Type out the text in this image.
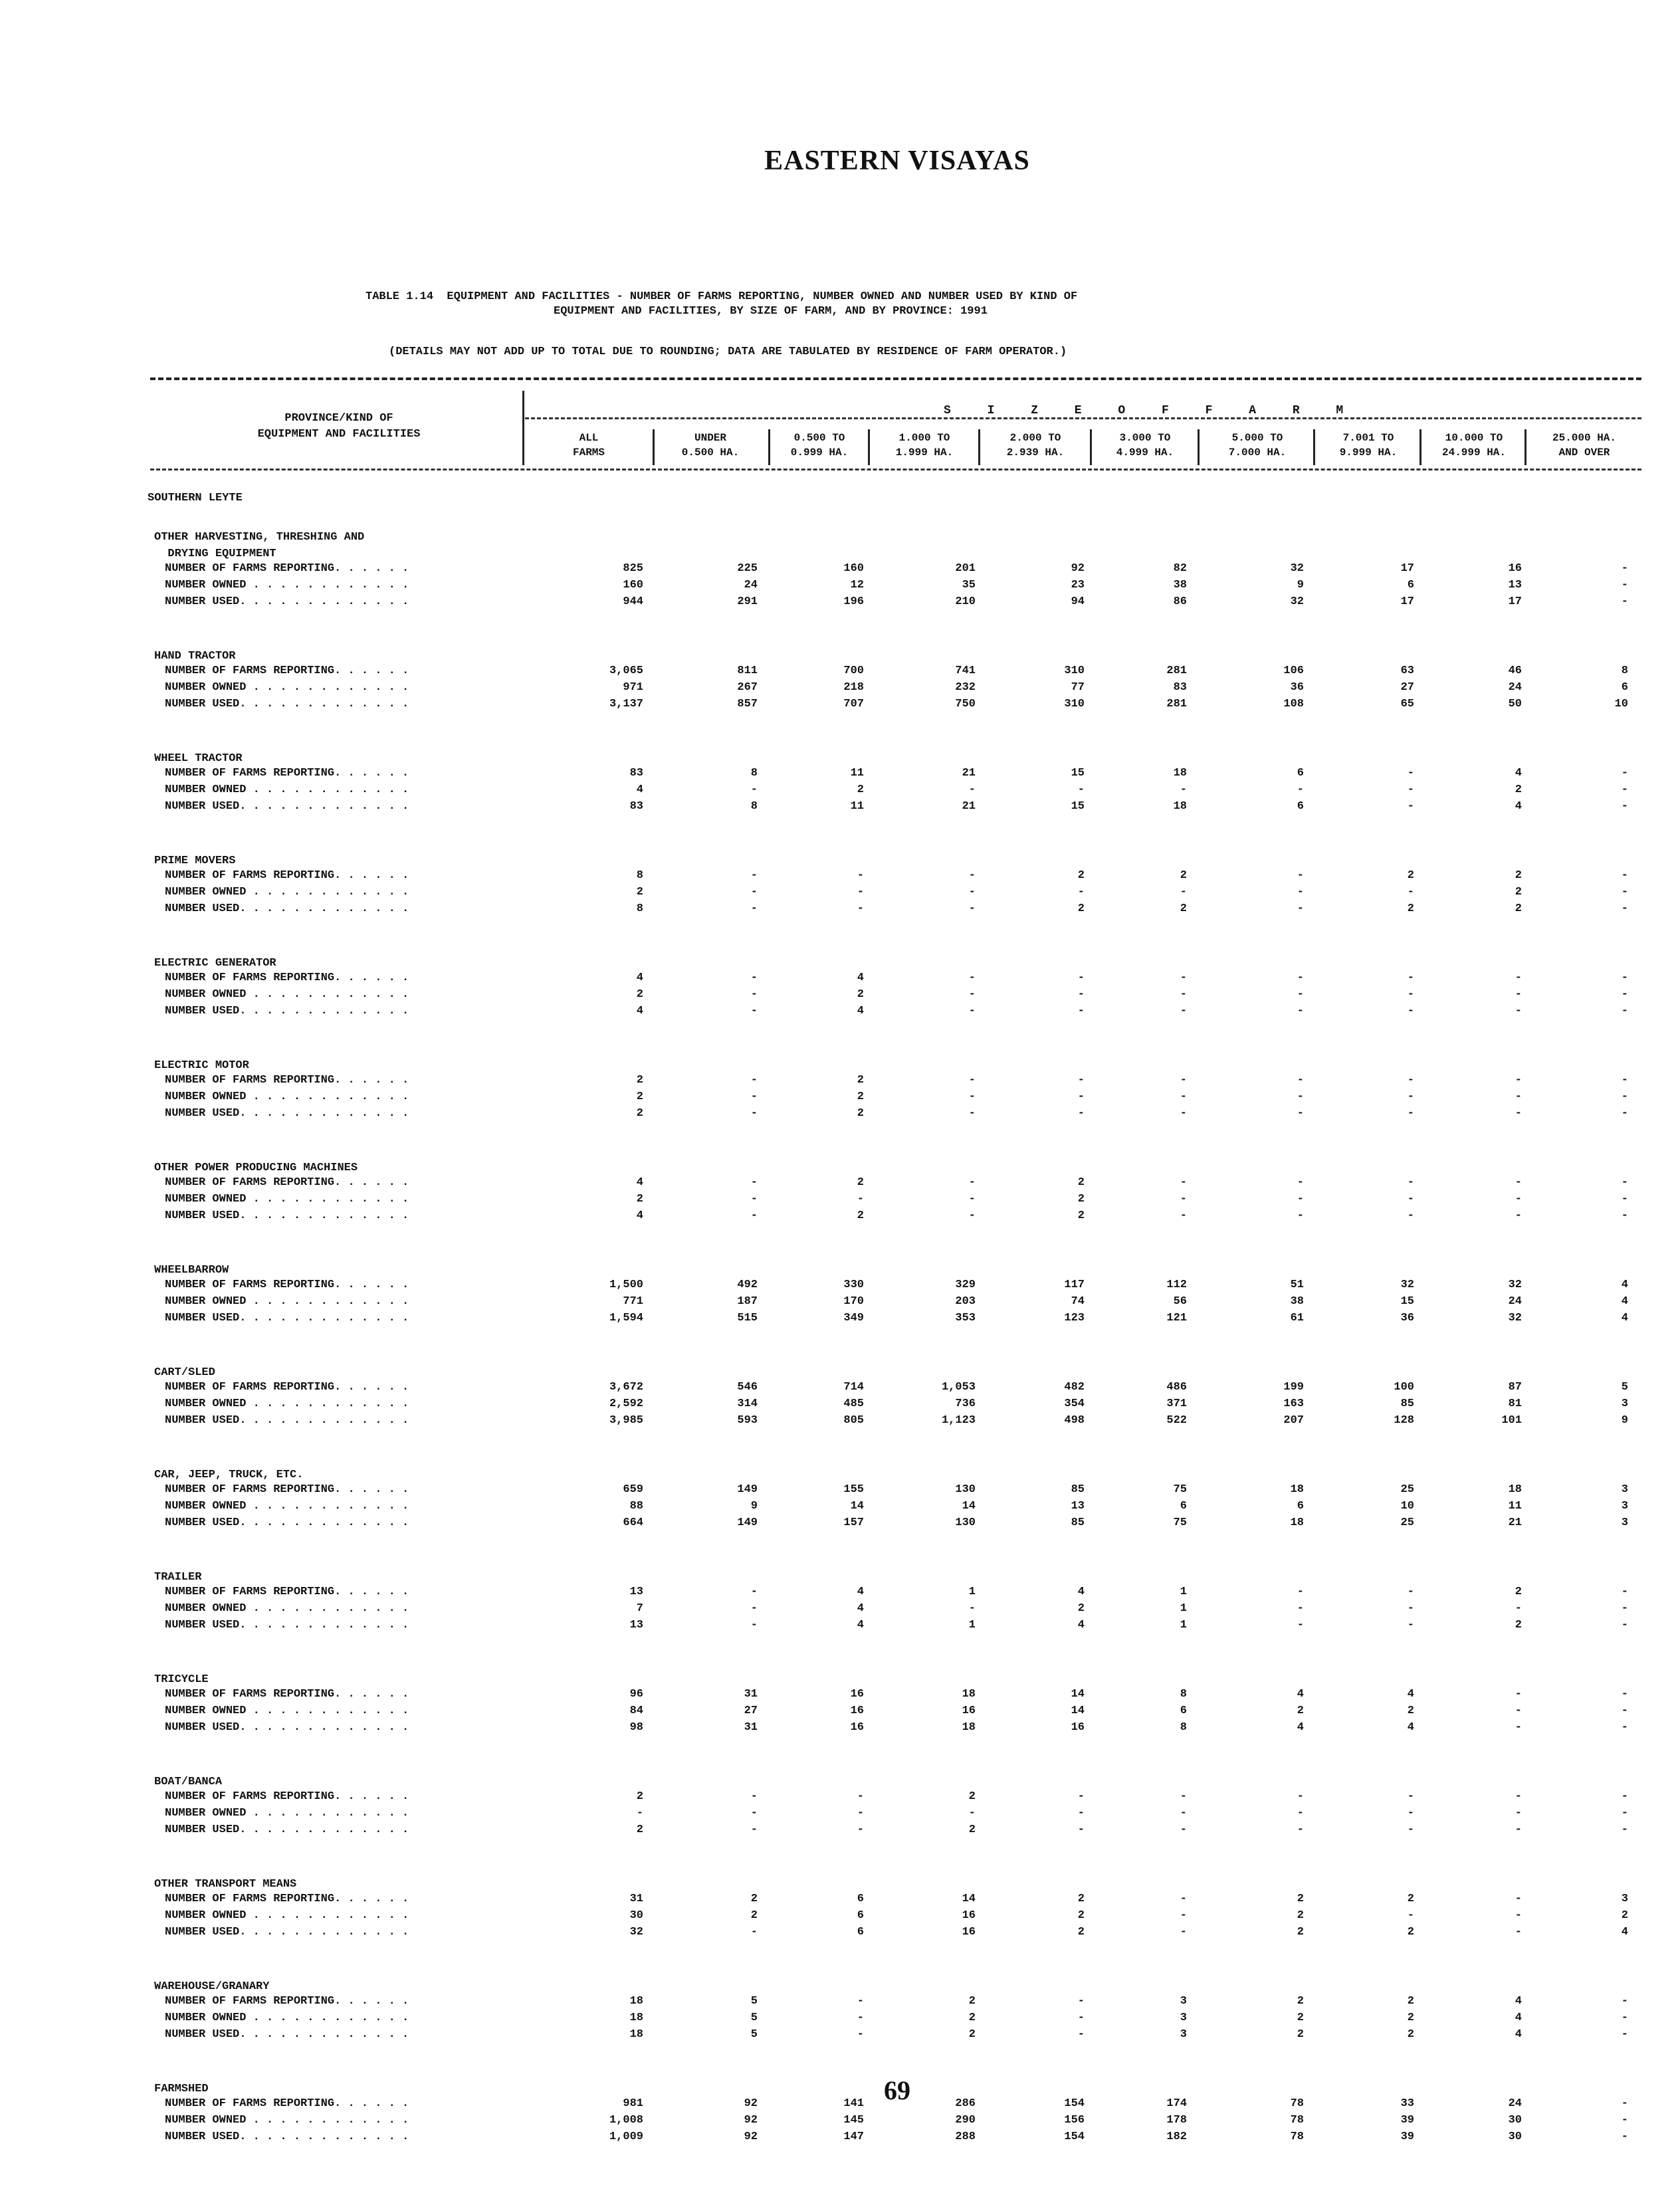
EASTERN VISAYAS
TABLE 1.14  EQUIPMENT AND FACILITIES - NUMBER OF FARMS REPORTING, NUMBER OWNED AND NUMBER USED BY KIND OF
EQUIPMENT AND FACILITIES, BY SIZE OF FARM, AND BY PROVINCE: 1991
(DETAILS MAY NOT ADD UP TO TOTAL DUE TO ROUNDING; DATA ARE TABULATED BY RESIDENCE OF FARM OPERATOR.)
PROVINCE/KIND OF
EQUIPMENT AND FACILITIES
S I Z E O F F A R M
ALL
FARMS
UNDER
0.500 HA.
0.500 TO
0.999 HA.
1.000 TO
1.999 HA.
2.000 TO
2.939 HA.
3.000 TO
4.999 HA.
5.000 TO
7.000 HA.
7.001 TO
9.999 HA.
10.000 TO
24.999 HA.
25.000 HA.
AND OVER
SOUTHERN LEYTE
OTHER HARVESTING, THRESHING AND
DRYING EQUIPMENT
NUMBER OF FARMS REPORTING. . . . . .	825	225	160	201	92	82	32	17	16	-
NUMBER OWNED . . . . . . . . . . . .	160	24	12	35	23	38	9	6	13	-
NUMBER USED. . . . . . . . . . . . .	944	291	196	210	94	86	32	17	17	-
HAND TRACTOR
NUMBER OF FARMS REPORTING. . . . . .	3,065	811	700	741	310	281	106	63	46	8
NUMBER OWNED . . . . . . . . . . . .	971	267	218	232	77	83	36	27	24	6
NUMBER USED. . . . . . . . . . . . .	3,137	857	707	750	310	281	108	65	50	10
WHEEL TRACTOR
NUMBER OF FARMS REPORTING. . . . . .	83	8	11	21	15	18	6	-	4	-
NUMBER OWNED . . . . . . . . . . . .	4	-	2	-	-	-	-	-	2	-
NUMBER USED. . . . . . . . . . . . .	83	8	11	21	15	18	6	-	4	-
PRIME MOVERS
NUMBER OF FARMS REPORTING. . . . . .	8	-	-	-	2	2	-	2	2	-
NUMBER OWNED . . . . . . . . . . . .	2	-	-	-	-	-	-	-	2	-
NUMBER USED. . . . . . . . . . . . .	8	-	-	-	2	2	-	2	2	-
ELECTRIC GENERATOR
NUMBER OF FARMS REPORTING. . . . . .	4	-	4	-	-	-	-	-	-	-
NUMBER OWNED . . . . . . . . . . . .	2	-	2	-	-	-	-	-	-	-
NUMBER USED. . . . . . . . . . . . .	4	-	4	-	-	-	-	-	-	-
ELECTRIC MOTOR
NUMBER OF FARMS REPORTING. . . . . .	2	-	2	-	-	-	-	-	-	-
NUMBER OWNED . . . . . . . . . . . .	2	-	2	-	-	-	-	-	-	-
NUMBER USED. . . . . . . . . . . . .	2	-	2	-	-	-	-	-	-	-
OTHER POWER PRODUCING MACHINES
NUMBER OF FARMS REPORTING. . . . . .	4	-	2	-	2	-	-	-	-	-
NUMBER OWNED . . . . . . . . . . . .	2	-	-	-	2	-	-	-	-	-
NUMBER USED. . . . . . . . . . . . .	4	-	2	-	2	-	-	-	-	-
WHEELBARROW
NUMBER OF FARMS REPORTING. . . . . .	1,500	492	330	329	117	112	51	32	32	4
NUMBER OWNED . . . . . . . . . . . .	771	187	170	203	74	56	38	15	24	4
NUMBER USED. . . . . . . . . . . . .	1,594	515	349	353	123	121	61	36	32	4
CART/SLED
NUMBER OF FARMS REPORTING. . . . . .	3,672	546	714	1,053	482	486	199	100	87	5
NUMBER OWNED . . . . . . . . . . . .	2,592	314	485	736	354	371	163	85	81	3
NUMBER USED. . . . . . . . . . . . .	3,985	593	805	1,123	498	522	207	128	101	9
CAR, JEEP, TRUCK, ETC.
NUMBER OF FARMS REPORTING. . . . . .	659	149	155	130	85	75	18	25	18	3
NUMBER OWNED . . . . . . . . . . . .	88	9	14	14	13	6	6	10	11	3
NUMBER USED. . . . . . . . . . . . .	664	149	157	130	85	75	18	25	21	3
TRAILER
NUMBER OF FARMS REPORTING. . . . . .	13	-	4	1	4	1	-	-	2	-
NUMBER OWNED . . . . . . . . . . . .	7	-	4	-	2	1	-	-	-	-
NUMBER USED. . . . . . . . . . . . .	13	-	4	1	4	1	-	-	2	-
TRICYCLE
NUMBER OF FARMS REPORTING. . . . . .	96	31	16	18	14	8	4	4	-	-
NUMBER OWNED . . . . . . . . . . . .	84	27	16	16	14	6	2	2	-	-
NUMBER USED. . . . . . . . . . . . .	98	31	16	18	16	8	4	4	-	-
BOAT/BANCA
NUMBER OF FARMS REPORTING. . . . . .	2	-	-	2	-	-	-	-	-	-
NUMBER OWNED . . . . . . . . . . . .	-	-	-	-	-	-	-	-	-	-
NUMBER USED. . . . . . . . . . . . .	2	-	-	2	-	-	-	-	-	-
OTHER TRANSPORT MEANS
NUMBER OF FARMS REPORTING. . . . . .	31	2	6	14	2	-	2	2	-	3
NUMBER OWNED . . . . . . . . . . . .	30	2	6	16	2	-	2	-	-	2
NUMBER USED. . . . . . . . . . . . .	32	-	6	16	2	-	2	2	-	4
WAREHOUSE/GRANARY
NUMBER OF FARMS REPORTING. . . . . .	18	5	-	2	-	3	2	2	4	-
NUMBER OWNED . . . . . . . . . . . .	18	5	-	2	-	3	2	2	4	-
NUMBER USED. . . . . . . . . . . . .	18	5	-	2	-	3	2	2	4	-
FARMSHED
NUMBER OF FARMS REPORTING. . . . . .	981	92	141	286	154	174	78	33	24	-
NUMBER OWNED . . . . . . . . . . . .	1,008	92	145	290	156	178	78	39	30	-
NUMBER USED. . . . . . . . . . . . .	1,009	92	147	288	154	182	78	39	30	-
69
